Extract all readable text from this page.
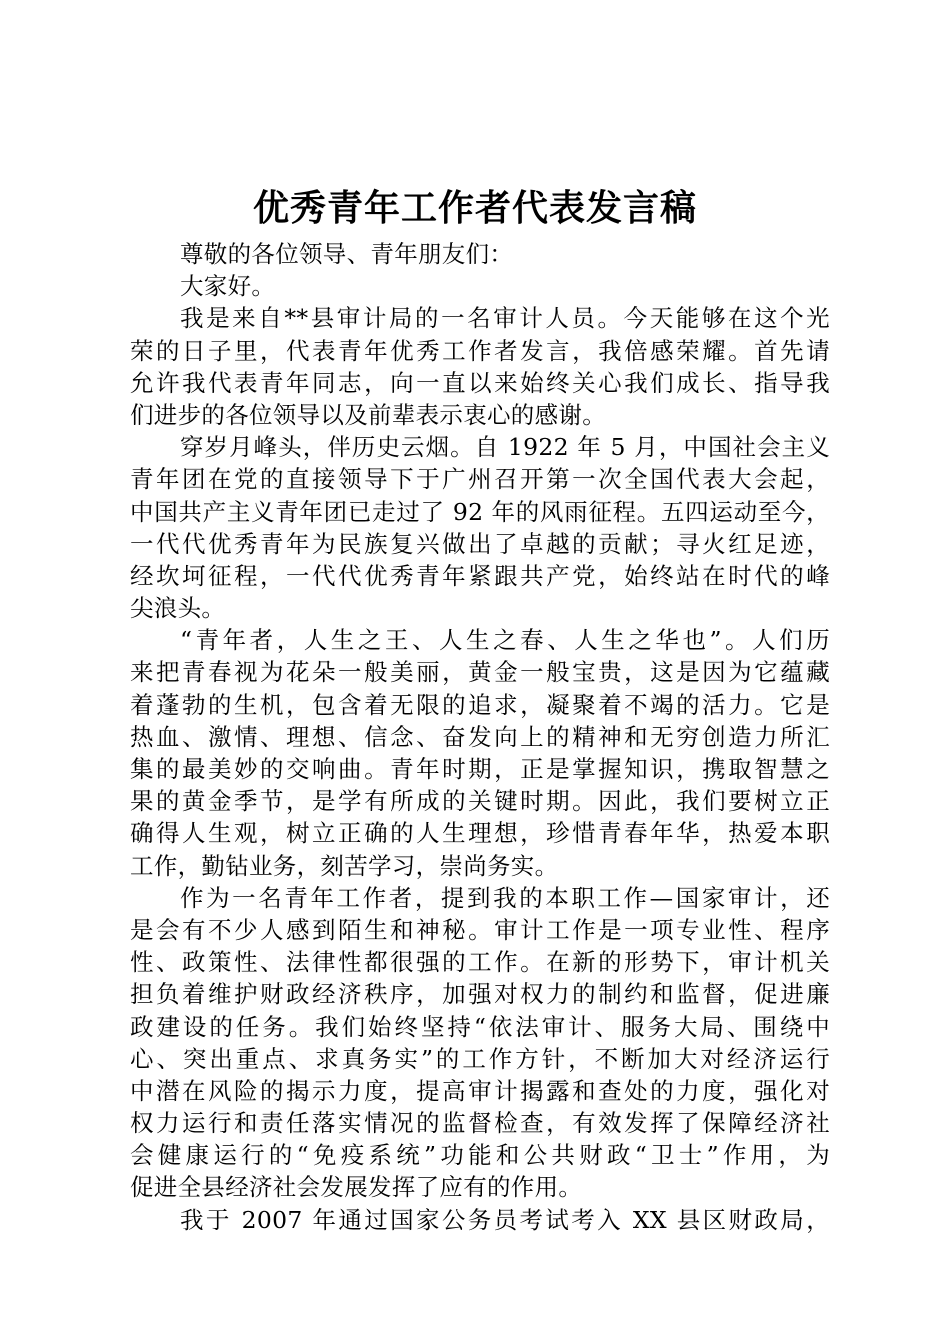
优秀青年工作者代表发言稿
尊敬的各位领导、青年朋友们：
大家好。
我是来自**县审计局的一名审计人员。今天能够在这个光
荣的日子里，代表青年优秀工作者发言，我倍感荣耀。首先请
允许我代表青年同志，向一直以来始终关心我们成长、指导我
们进步的各位领导以及前辈表示衷心的感谢。
穿岁月峰头，伴历史云烟。自 1922 年 5 月，中国社会主义
青年团在党的直接领导下于广州召开第一次全国代表大会起，
中国共产主义青年团已走过了 92 年的风雨征程。五四运动至今，
一代代优秀青年为民族复兴做出了卓越的贡献；寻火红足迹，
经坎坷征程，一代代优秀青年紧跟共产党，始终站在时代的峰
尖浪头。
“青年者，人生之王、人生之春、人生之华也”。人们历
来把青春视为花朵一般美丽，黄金一般宝贵，这是因为它蕴藏
着蓬勃的生机，包含着无限的追求，凝聚着不竭的活力。它是
热血、激情、理想、信念、奋发向上的精神和无穷创造力所汇
集的最美妙的交响曲。青年时期，正是掌握知识，携取智慧之
果的黄金季节，是学有所成的关键时期。因此，我们要树立正
确得人生观，树立正确的人生理想，珍惜青春年华，热爱本职
工作，勤钻业务，刻苦学习，崇尚务实。
作为一名青年工作者，提到我的本职工作—国家审计，还
是会有不少人感到陌生和神秘。审计工作是一项专业性、程序
性、政策性、法律性都很强的工作。在新的形势下，审计机关
担负着维护财政经济秩序，加强对权力的制约和监督，促进廉
政建设的任务。我们始终坚持“依法审计、服务大局、围绕中
心、突出重点、求真务实”的工作方针，不断加大对经济运行
中潜在风险的揭示力度，提高审计揭露和查处的力度，强化对
权力运行和责任落实情况的监督检查，有效发挥了保障经济社
会健康运行的“免疫系统”功能和公共财政“卫士”作用，为
促进全县经济社会发展发挥了应有的作用。
我于 2007 年通过国家公务员考试考入 XX 县区财政局，
